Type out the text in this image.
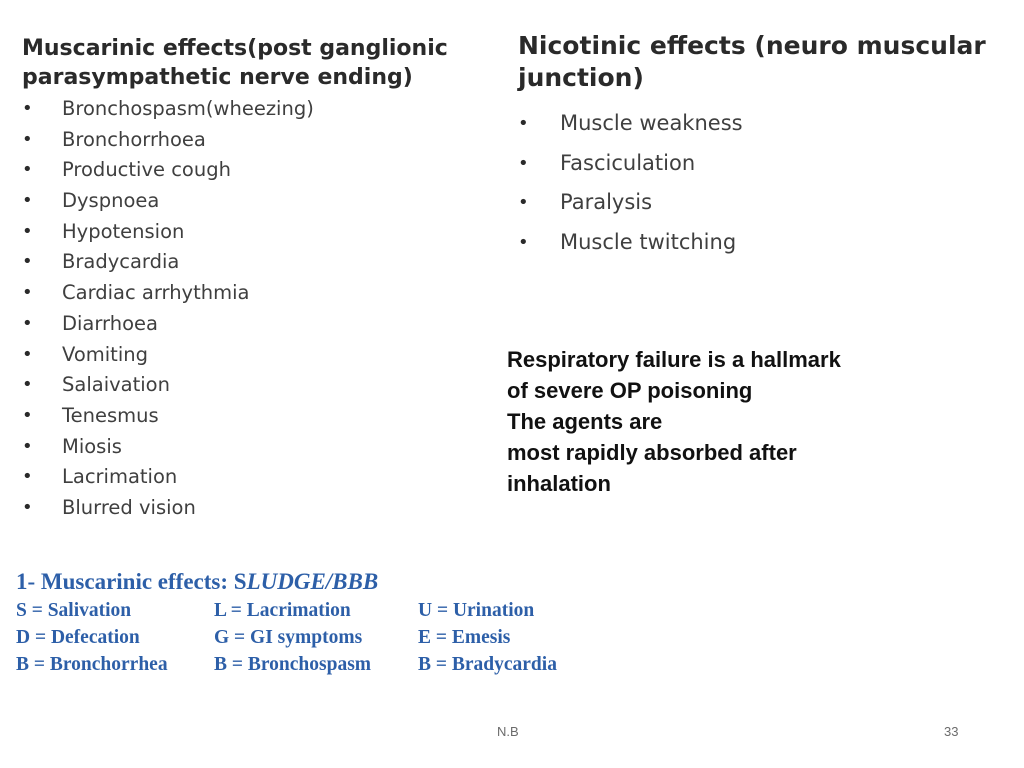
Muscarinic effects(post ganglionic
parasympathetic nerve ending)
• Bronchospasm(wheezing)
• Bronchorrhoea
• Productive cough
• Dyspnoea
• Hypotension
• Bradycardia
• Cardiac arrhythmia
• Diarrhoea
• Vomiting
• Salaivation
• Tenesmus
• Miosis
• Lacrimation
• Blurred vision
Nicotinic effects (neuro muscular
junction)
• Muscle weakness
• Fasciculation
• Paralysis
• Muscle twitching

Respiratory failure is a hallmark

of severe OP poisoning

The agents are

most rapidly absorbed after

inhalation

1- Muscarinic effects: SLUDGE/BBB
S = Salivation	L = Lacrimation	U = Urination
D = Defecation	G = GI symptoms	E = Emesis
B = Bronchorrhea	B = Bronchospasm	B = Bradycardia
N.B	33
